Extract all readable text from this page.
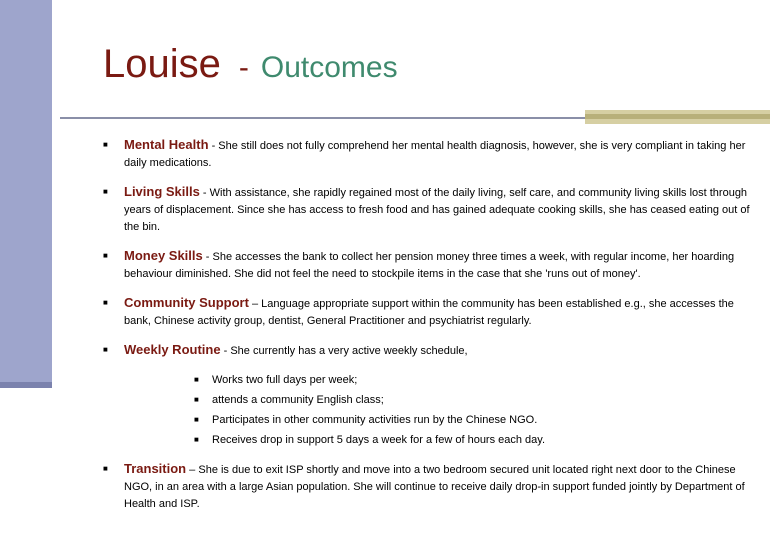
Louise - Outcomes
■ Mental Health - She still does not fully comprehend her mental health diagnosis, however, she is very compliant in taking her daily medications.
■ Living Skills - With assistance, she rapidly regained most of the daily living, self care, and community living skills lost through years of displacement. Since she has access to fresh food and has gained adequate cooking skills, she has ceased eating out of the bin.
■ Money Skills - She accesses the bank to collect her pension money three times a week, with regular income, her hoarding behaviour diminished. She did not feel the need to stockpile items in the case that she 'runs out of money'.
■ Community Support – Language appropriate support within the community has been established e.g., she accesses the bank, Chinese activity group, dentist, General Practitioner and psychiatrist regularly.
■ Weekly Routine - She currently has a very active weekly schedule,
■ Works two full days per week;
■ attends a community English class;
■ Participates in other community activities run by the Chinese NGO.
■ Receives drop in support 5 days a week for a few of hours each day.
■ Transition – She is due to exit ISP shortly and move into a two bedroom secured unit located right next door to the Chinese NGO, in an area with a large Asian population. She will continue to receive daily drop-in support funded jointly by Department of Health and ISP.
